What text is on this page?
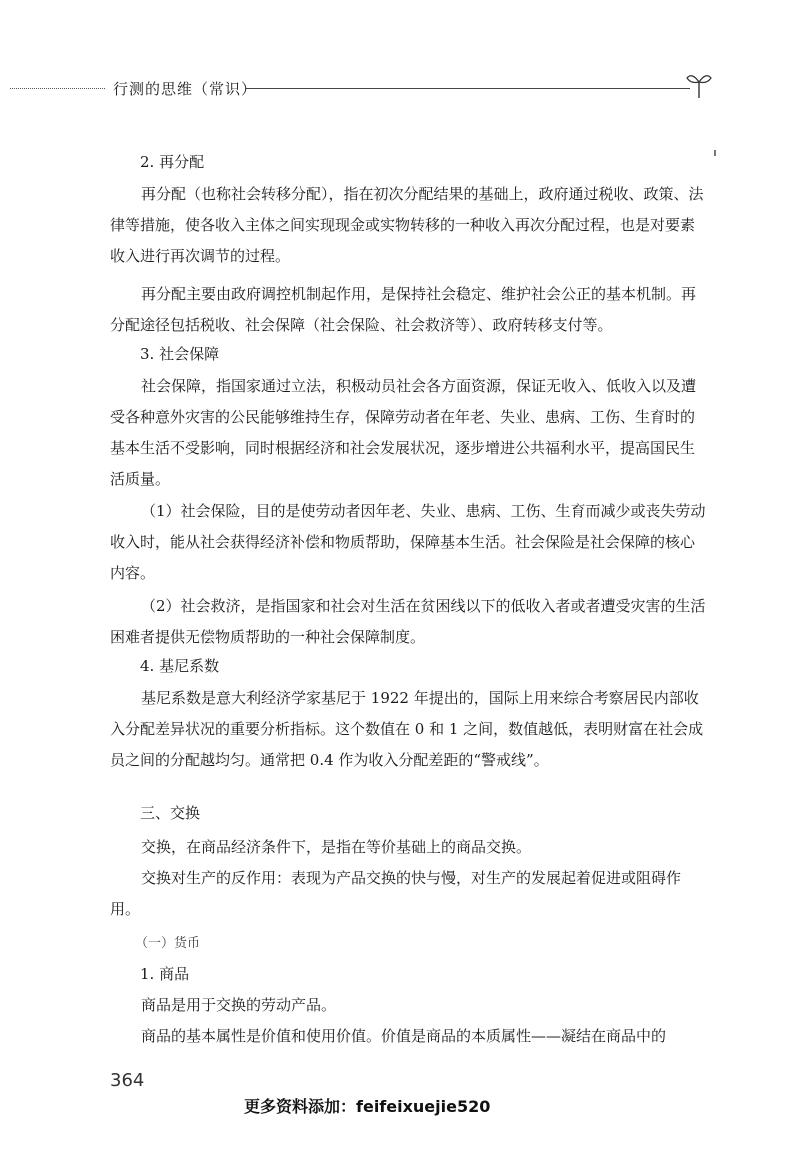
行测的思维（常识）
2. 再分配
再分配（也称社会转移分配），指在初次分配结果的基础上，政府通过税收、政策、法律等措施，使各收入主体之间实现现金或实物转移的一种收入再次分配过程，也是对要素收入进行再次调节的过程。
再分配主要由政府调控机制起作用，是保持社会稳定、维护社会公正的基本机制。再分配途径包括税收、社会保障（社会保险、社会救济等）、政府转移支付等。
3. 社会保障
社会保障，指国家通过立法，积极动员社会各方面资源，保证无收入、低收入以及遭受各种意外灾害的公民能够维持生存，保障劳动者在年老、失业、患病、工伤、生育时的基本生活不受影响，同时根据经济和社会发展状况，逐步增进公共福利水平，提高国民生活质量。
（1）社会保险，目的是使劳动者因年老、失业、患病、工伤、生育而减少或丧失劳动收入时，能从社会获得经济补偿和物质帮助，保障基本生活。社会保险是社会保障的核心内容。
（2）社会救济，是指国家和社会对生活在贫困线以下的低收入者或者遭受灾害的生活困难者提供无偿物质帮助的一种社会保障制度。
4. 基尼系数
基尼系数是意大利经济学家基尼于 1922 年提出的，国际上用来综合考察居民内部收入分配差异状况的重要分析指标。这个数值在 0 和 1 之间，数值越低，表明财富在社会成员之间的分配越均匀。通常把 0.4 作为收入分配差距的“警戒线”。
三、交换
交换，在商品经济条件下，是指在等价基础上的商品交换。
交换对生产的反作用：表现为产品交换的快与慢，对生产的发展起着促进或阻碍作用。
（一）货币
1. 商品
商品是用于交换的劳动产品。
商品的基本属性是价值和使用价值。价值是商品的本质属性——凝结在商品中的
364
更多资料添加：feifeixuejie520
